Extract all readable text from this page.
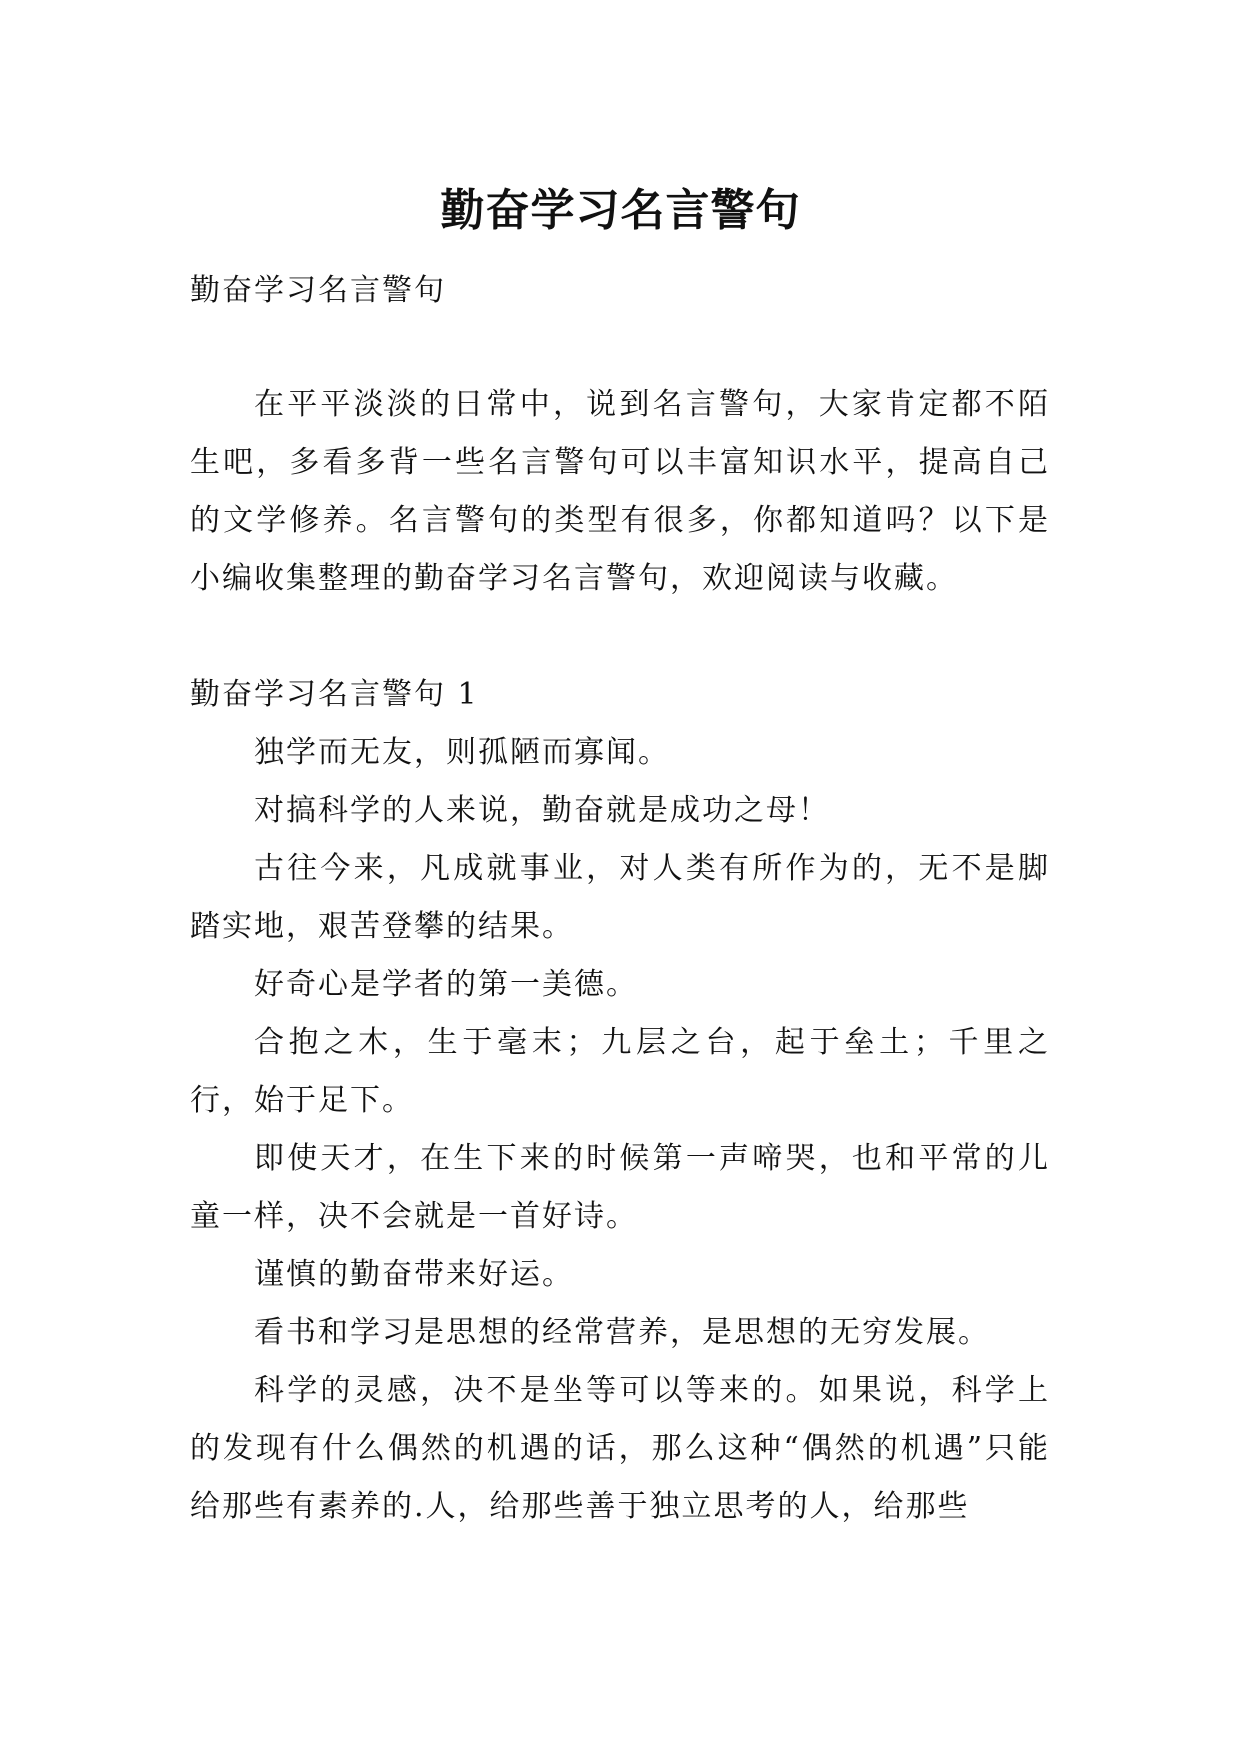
勤奋学习名言警句

勤奋学习名言警句

在平平淡淡的日常中，说到名言警句，大家肯定都不陌生吧，多看多背一些名言警句可以丰富知识水平，提高自己的文学修养。名言警句的类型有很多，你都知道吗？以下是小编收集整理的勤奋学习名言警句，欢迎阅读与收藏。

勤奋学习名言警句 1

独学而无友，则孤陋而寡闻。

对搞科学的人来说，勤奋就是成功之母！

古往今来，凡成就事业，对人类有所作为的，无不是脚踏实地，艰苦登攀的结果。

好奇心是学者的第一美德。

合抱之木，生于毫末；九层之台，起于垒土；千里之行，始于足下。

即使天才，在生下来的时候第一声啼哭，也和平常的儿童一样，决不会就是一首好诗。

谨慎的勤奋带来好运。

看书和学习是思想的经常营养，是思想的无穷发展。

科学的灵感，决不是坐等可以等来的。如果说，科学上的发现有什么偶然的机遇的话，那么这种“偶然的机遇”只能给那些有素养的.人，给那些善于独立思考的人，给那些
